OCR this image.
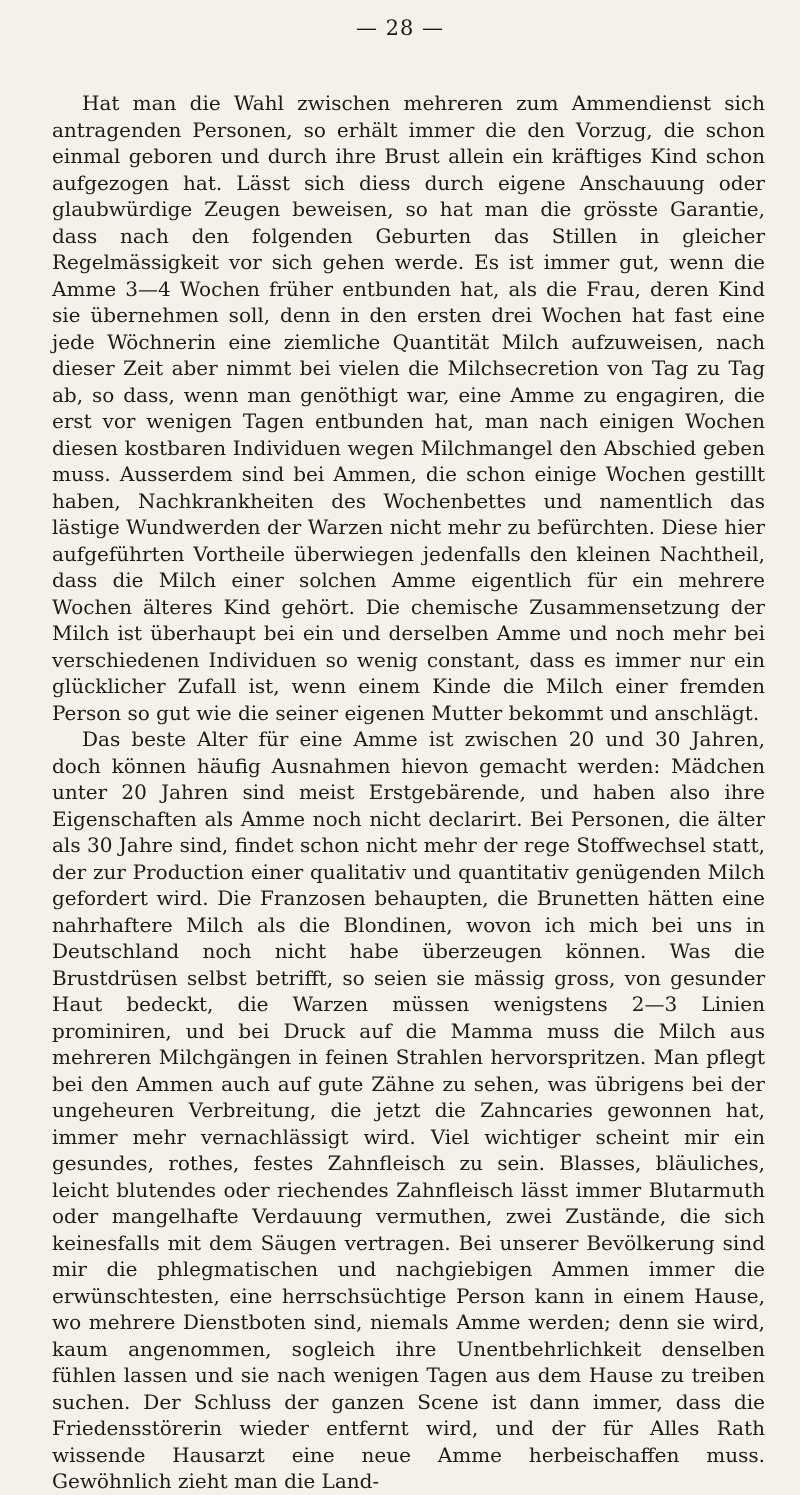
— 28 —

Hat man die Wahl zwischen mehreren zum Ammendienst sich antragenden Personen, so erhält immer die den Vorzug, die schon einmal geboren und durch ihre Brust allein ein kräftiges Kind schon aufgezogen hat. Lässt sich diess durch eigene Anschauung oder glaubwürdige Zeugen beweisen, so hat man die grösste Garantie, dass nach den folgenden Geburten das Stillen in gleicher Regelmässigkeit vor sich gehen werde. Es ist immer gut, wenn die Amme 3—4 Wochen früher entbunden hat, als die Frau, deren Kind sie übernehmen soll, denn in den ersten drei Wochen hat fast eine jede Wöchnerin eine ziemliche Quantität Milch aufzuweisen, nach dieser Zeit aber nimmt bei vielen die Milchsecretion von Tag zu Tag ab, so dass, wenn man genöthigt war, eine Amme zu engagiren, die erst vor wenigen Tagen entbunden hat, man nach einigen Wochen diesen kostbaren Individuen wegen Milchmangel den Abschied geben muss. Ausserdem sind bei Ammen, die schon einige Wochen gestillt haben, Nachkrankheiten des Wochenbettes und namentlich das lästige Wundwerden der Warzen nicht mehr zu befürchten. Diese hier aufgeführten Vortheile überwiegen jedenfalls den kleinen Nachtheil, dass die Milch einer solchen Amme eigentlich für ein mehrere Wochen älteres Kind gehört. Die chemische Zusammensetzung der Milch ist überhaupt bei ein und derselben Amme und noch mehr bei verschiedenen Individuen so wenig constant, dass es immer nur ein glücklicher Zufall ist, wenn einem Kinde die Milch einer fremden Person so gut wie die seiner eigenen Mutter bekommt und anschlägt.

Das beste Alter für eine Amme ist zwischen 20 und 30 Jahren, doch können häufig Ausnahmen hievon gemacht werden: Mädchen unter 20 Jahren sind meist Erstgebärende, und haben also ihre Eigenschaften als Amme noch nicht declarirt. Bei Personen, die älter als 30 Jahre sind, findet schon nicht mehr der rege Stoffwechsel statt, der zur Production einer qualitativ und quantitativ genügenden Milch gefordert wird. Die Franzosen behaupten, die Brunetten hätten eine nahrhaftere Milch als die Blondinen, wovon ich mich bei uns in Deutschland noch nicht habe überzeugen können. Was die Brustdrüsen selbst betrifft, so seien sie mässig gross, von gesunder Haut bedeckt, die Warzen müssen wenigstens 2—3 Linien prominiren, und bei Druck auf die Mamma muss die Milch aus mehreren Milchgängen in feinen Strahlen hervorspritzen. Man pflegt bei den Ammen auch auf gute Zähne zu sehen, was übrigens bei der ungeheuren Verbreitung, die jetzt die Zahncaries gewonnen hat, immer mehr vernachlässigt wird. Viel wichtiger scheint mir ein gesundes, rothes, festes Zahnfleisch zu sein. Blasses, bläuliches, leicht blutendes oder riechendes Zahnfleisch lässt immer Blutarmuth oder mangelhafte Verdauung vermuthen, zwei Zustände, die sich keinesfalls mit dem Säugen vertragen. Bei unserer Bevölkerung sind mir die phlegmatischen und nachgiebigen Ammen immer die erwünschtesten, eine herrschsüchtige Person kann in einem Hause, wo mehrere Dienstboten sind, niemals Amme werden; denn sie wird, kaum angenommen, sogleich ihre Unentbehrlichkeit denselben fühlen lassen und sie nach wenigen Tagen aus dem Hause zu treiben suchen. Der Schluss der ganzen Scene ist dann immer, dass die Friedensstörerin wieder entfernt wird, und der für Alles Rath wissende Hausarzt eine neue Amme herbeischaffen muss. Gewöhnlich zieht man die Land-
